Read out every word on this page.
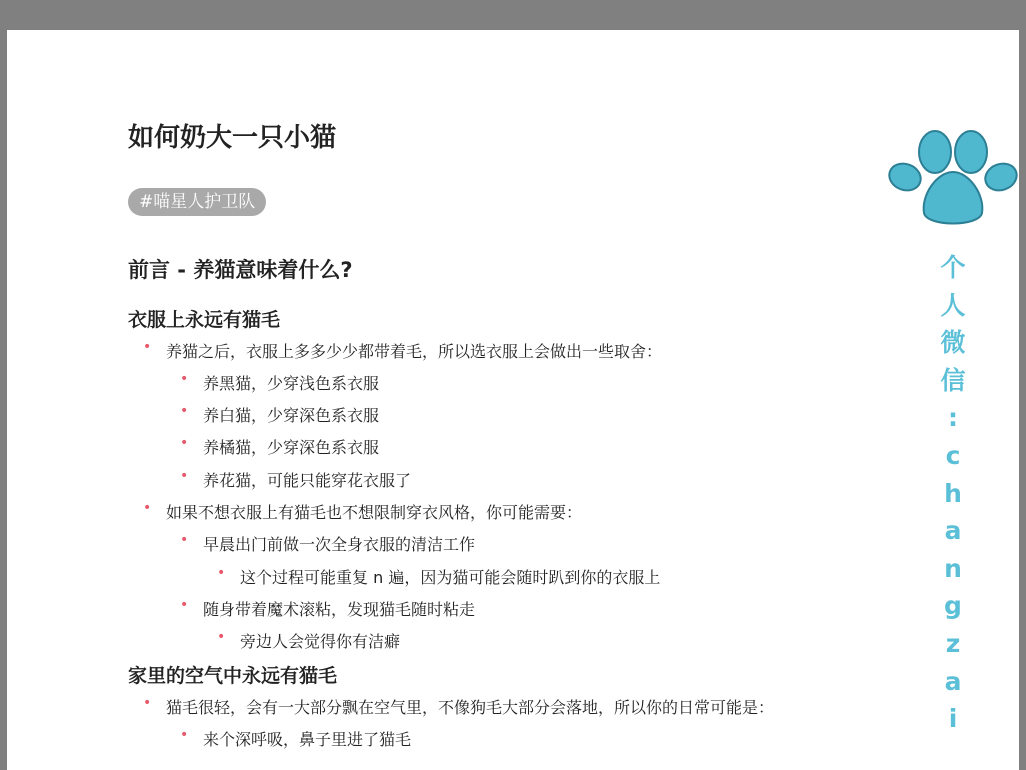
如何奶大一只小猫
#喵星人护卫队
前言 - 养猫意味着什么?
衣服上永远有猫毛
• 养猫之后，衣服上多多少少都带着毛，所以选衣服上会做出一些取舍：
• 养黑猫，少穿浅色系衣服
• 养白猫，少穿深色系衣服
• 养橘猫，少穿深色系衣服
• 养花猫，可能只能穿花衣服了
• 如果不想衣服上有猫毛也不想限制穿衣风格，你可能需要：
• 早晨出门前做一次全身衣服的清洁工作
• 这个过程可能重复 n 遍，因为猫可能会随时趴到你的衣服上
• 随身带着魔术滚粘，发现猫毛随时粘走
• 旁边人会觉得你有洁癖
家里的空气中永远有猫毛
• 猫毛很轻，会有一大部分飘在空气里，不像狗毛大部分会落地，所以你的日常可能是：
• 来个深呼吸，鼻子里进了猫毛
个
人
微
信
:
c
h
a
n
g
z
a
i
